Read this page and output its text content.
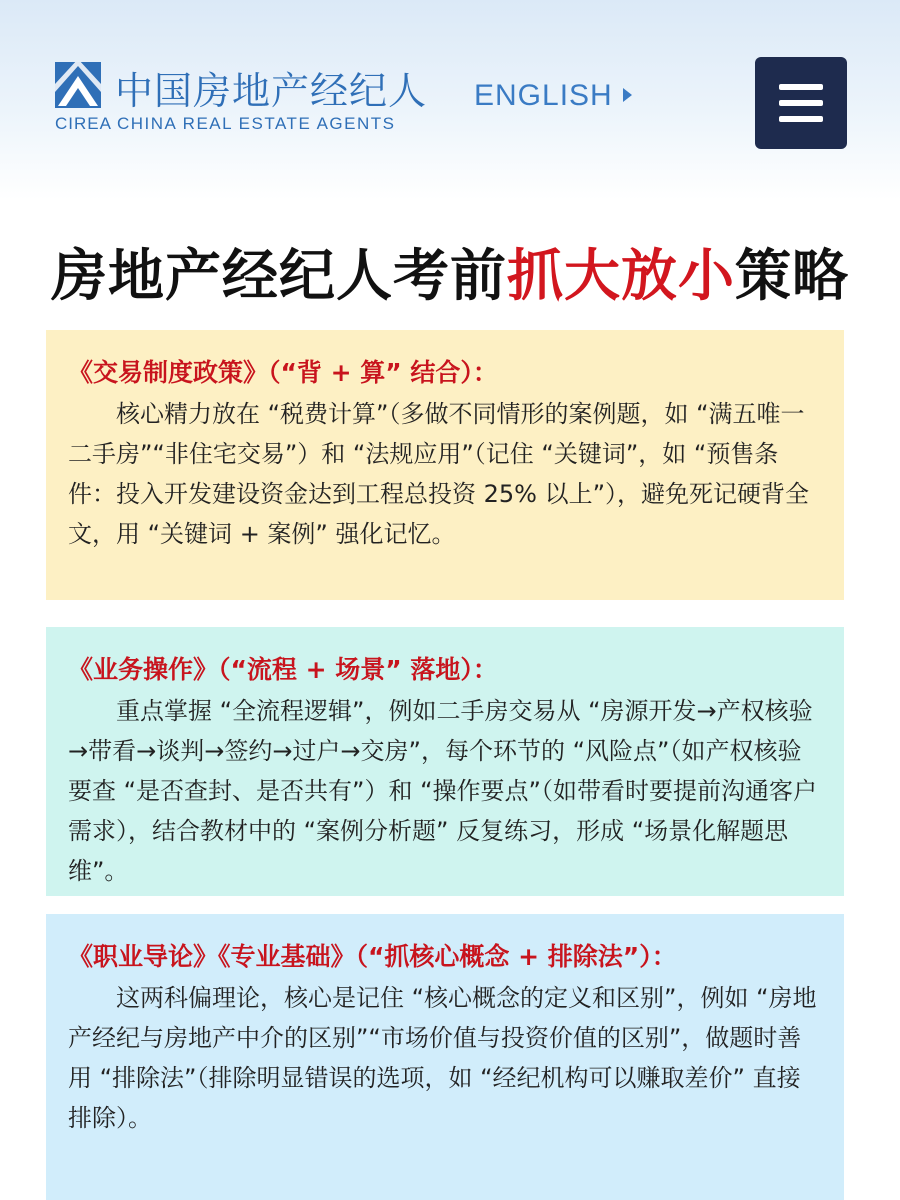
中国房地产经纪人
CIREA CHINA REAL ESTATE AGENTS
ENGLISH
房地产经纪人考前抓大放小策略

《交易制度政策》（“背 + 算” 结合）：

核心精力放在 “税费计算”（多做不同情形的案例题，如 “满五唯一二手房”“非住宅交易”）和 “法规应用”（记住 “关键词”，如 “预售条件：投入开发建设资金达到工程总投资 25% 以上”），避免死记硬背全文，用 “关键词 + 案例” 强化记忆。

《业务操作》（“流程 + 场景” 落地）：

重点掌握 “全流程逻辑”，例如二手房交易从 “房源开发→产权核验→带看→谈判→签约→过户→交房”，每个环节的 “风险点”（如产权核验要查 “是否查封、是否共有”）和 “操作要点”（如带看时要提前沟通客户需求），结合教材中的 “案例分析题” 反复练习，形成 “场景化解题思维”。

《职业导论》《专业基础》（“抓核心概念 + 排除法”）：

这两科偏理论，核心是记住 “核心概念的定义和区别”，例如 “房地产经纪与房地产中介的区别”“市场价值与投资价值的区别”，做题时善用 “排除法”（排除明显错误的选项，如 “经纪机构可以赚取差价” 直接排除）。
